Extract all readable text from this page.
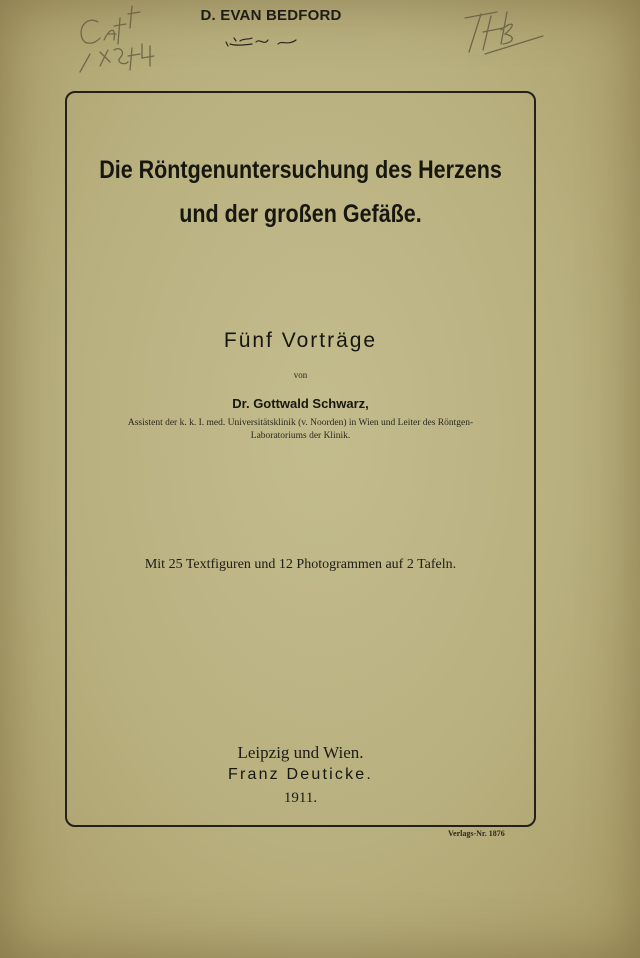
D. EVAN BEDFORD
Die Röntgenuntersuchung des Herzens
und der großen Gefäße.
Fünf Vorträge
von
Dr. Gottwald Schwarz,
Assistent der k. k. I. med. Universitätsklinik (v. Noorden) in Wien und Leiter des Röntgen-
Laboratoriums der Klinik.
Mit 25 Textfiguren und 12 Photogrammen auf 2 Tafeln.
Leipzig und Wien.
Franz Deuticke.
1911.
Verlags-Nr. 1876
